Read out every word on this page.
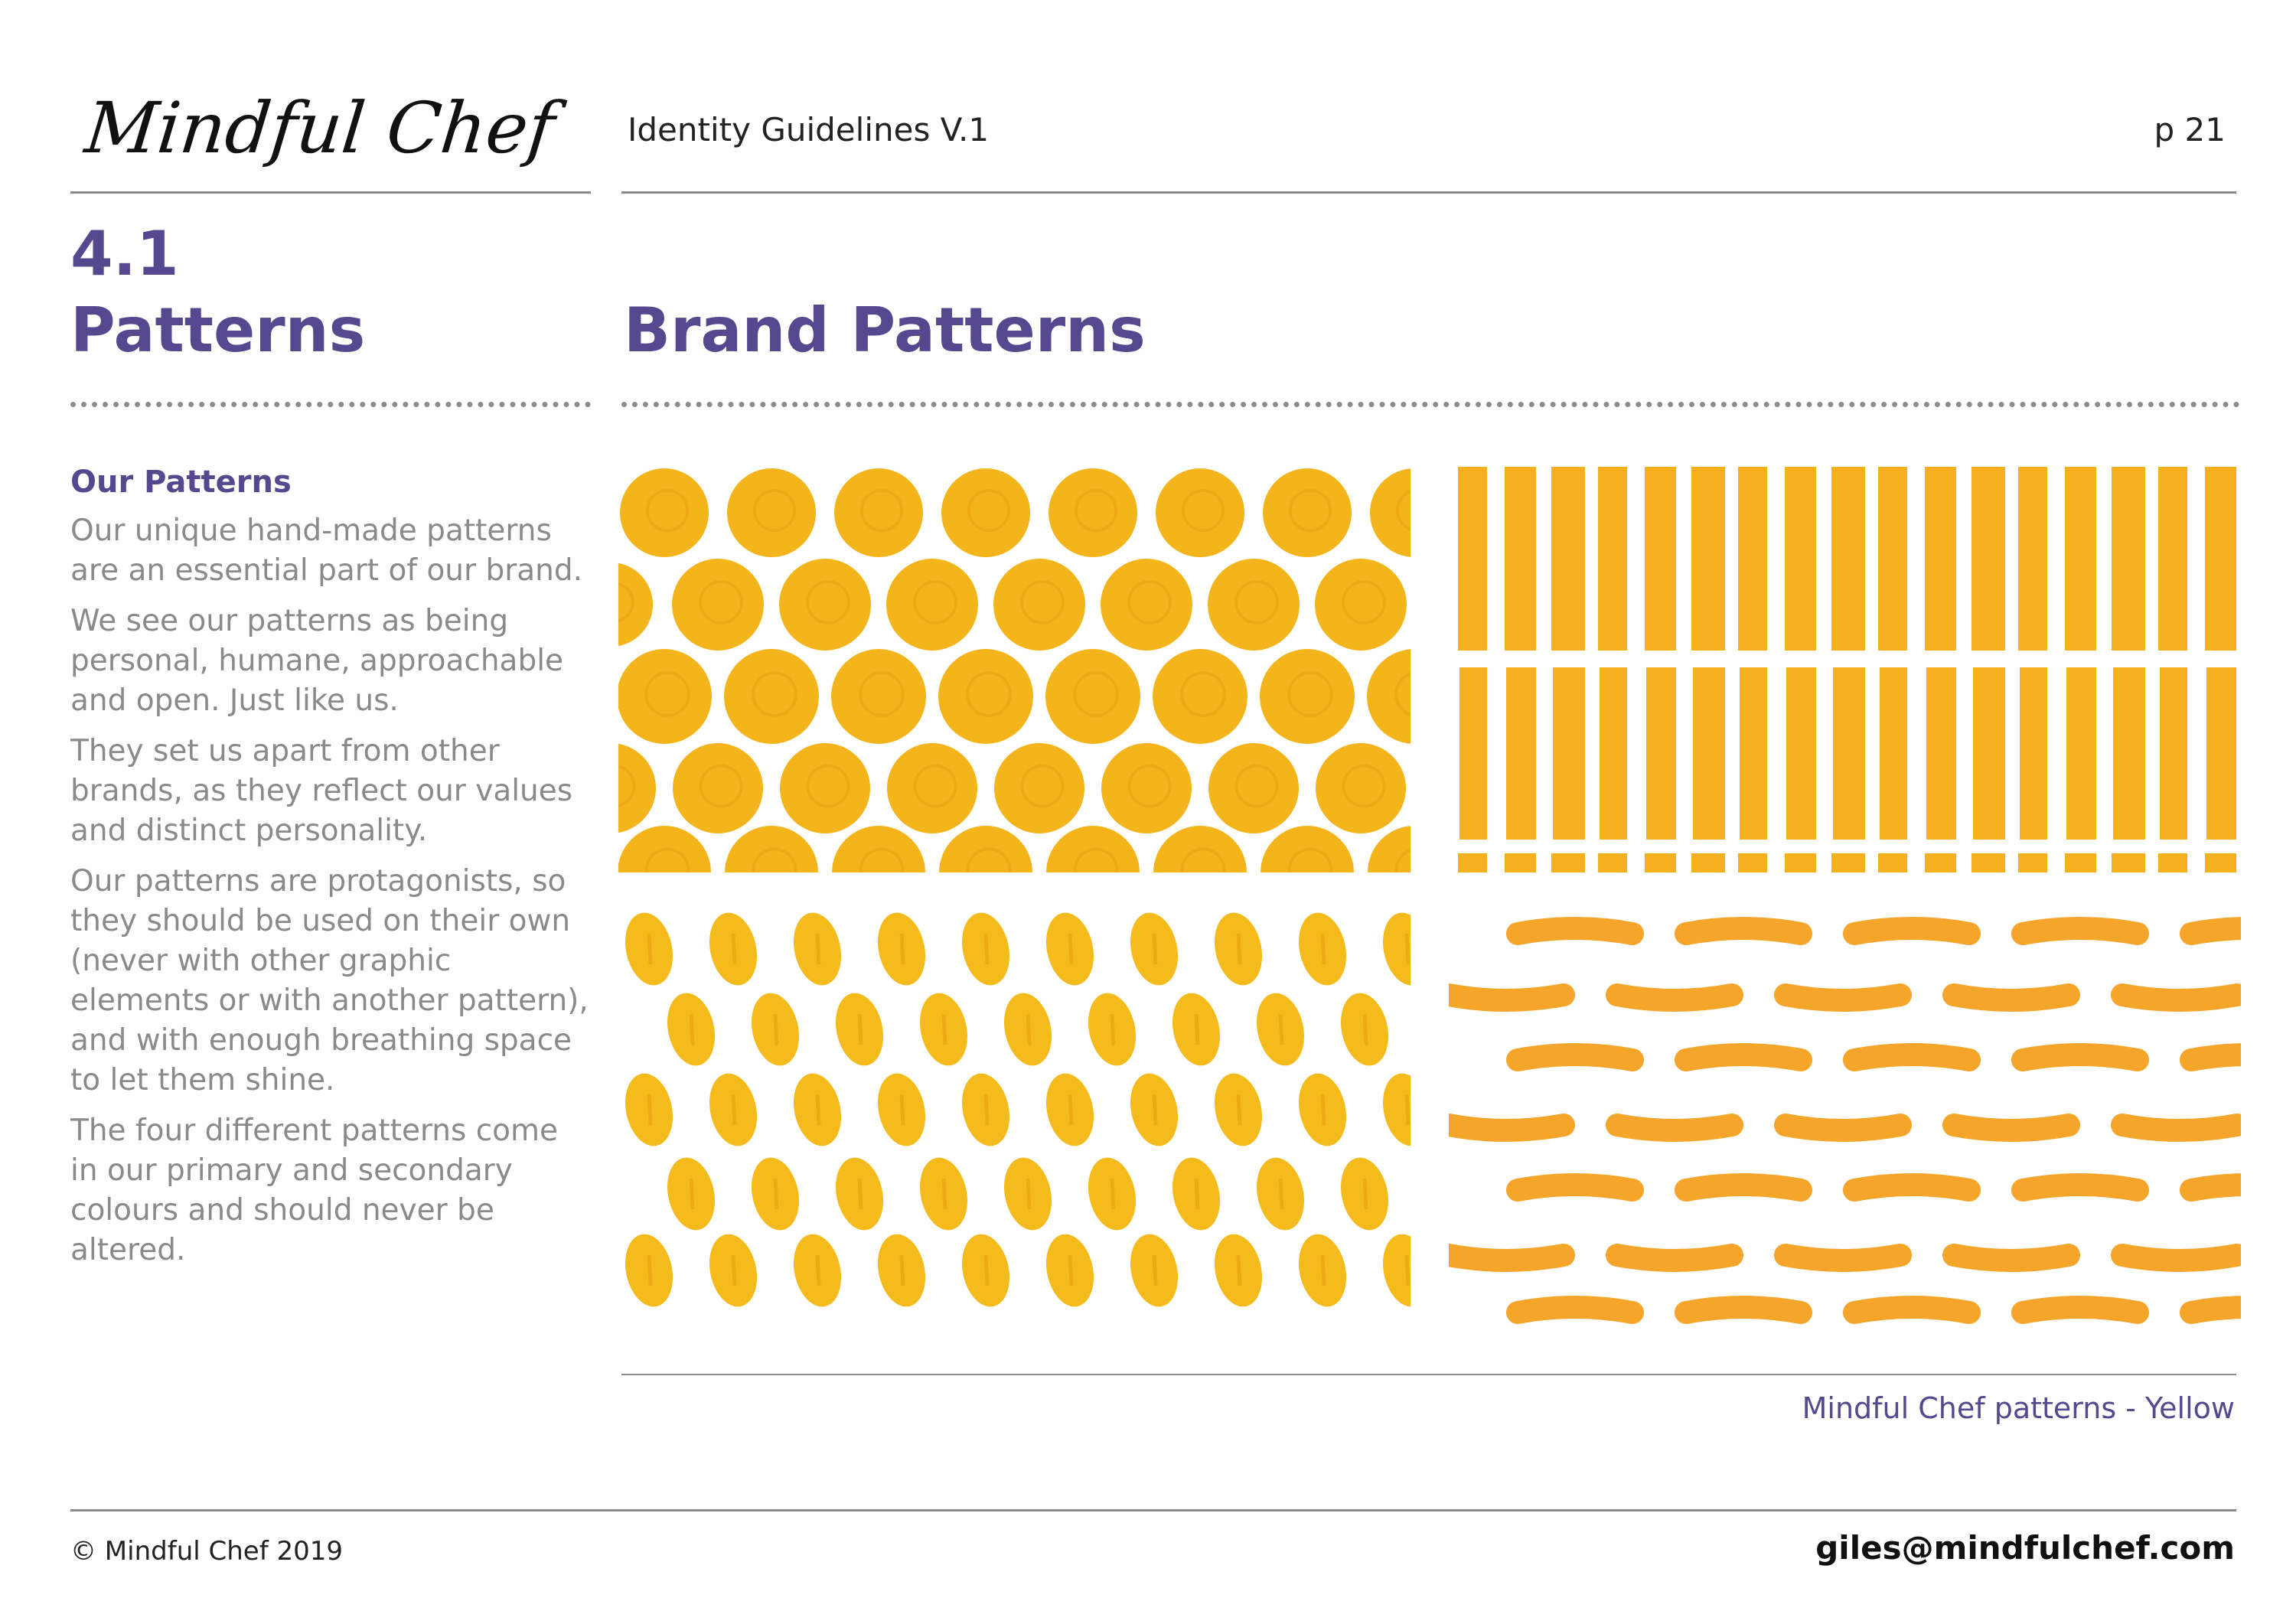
Mindful Chef Identity Guidelines V.1	p 21
4.1
Patterns	Brand Patterns
Our Patterns

Our unique hand-made patterns are an essential part of our brand.

We see our patterns as being personal, humane, approachable and open. Just like us.

They set us apart from other brands, as they reflect our values and distinct personality.

Our patterns are protagonists, so they should be used on their own (never with other graphic elements or with another pattern), and with enough breathing space to let them shine.

The four different patterns come in our primary and secondary colours and should never be altered.

Mindful Chef patterns - Yellow
© Mindful Chef 2019	giles@mindfulchef.com
